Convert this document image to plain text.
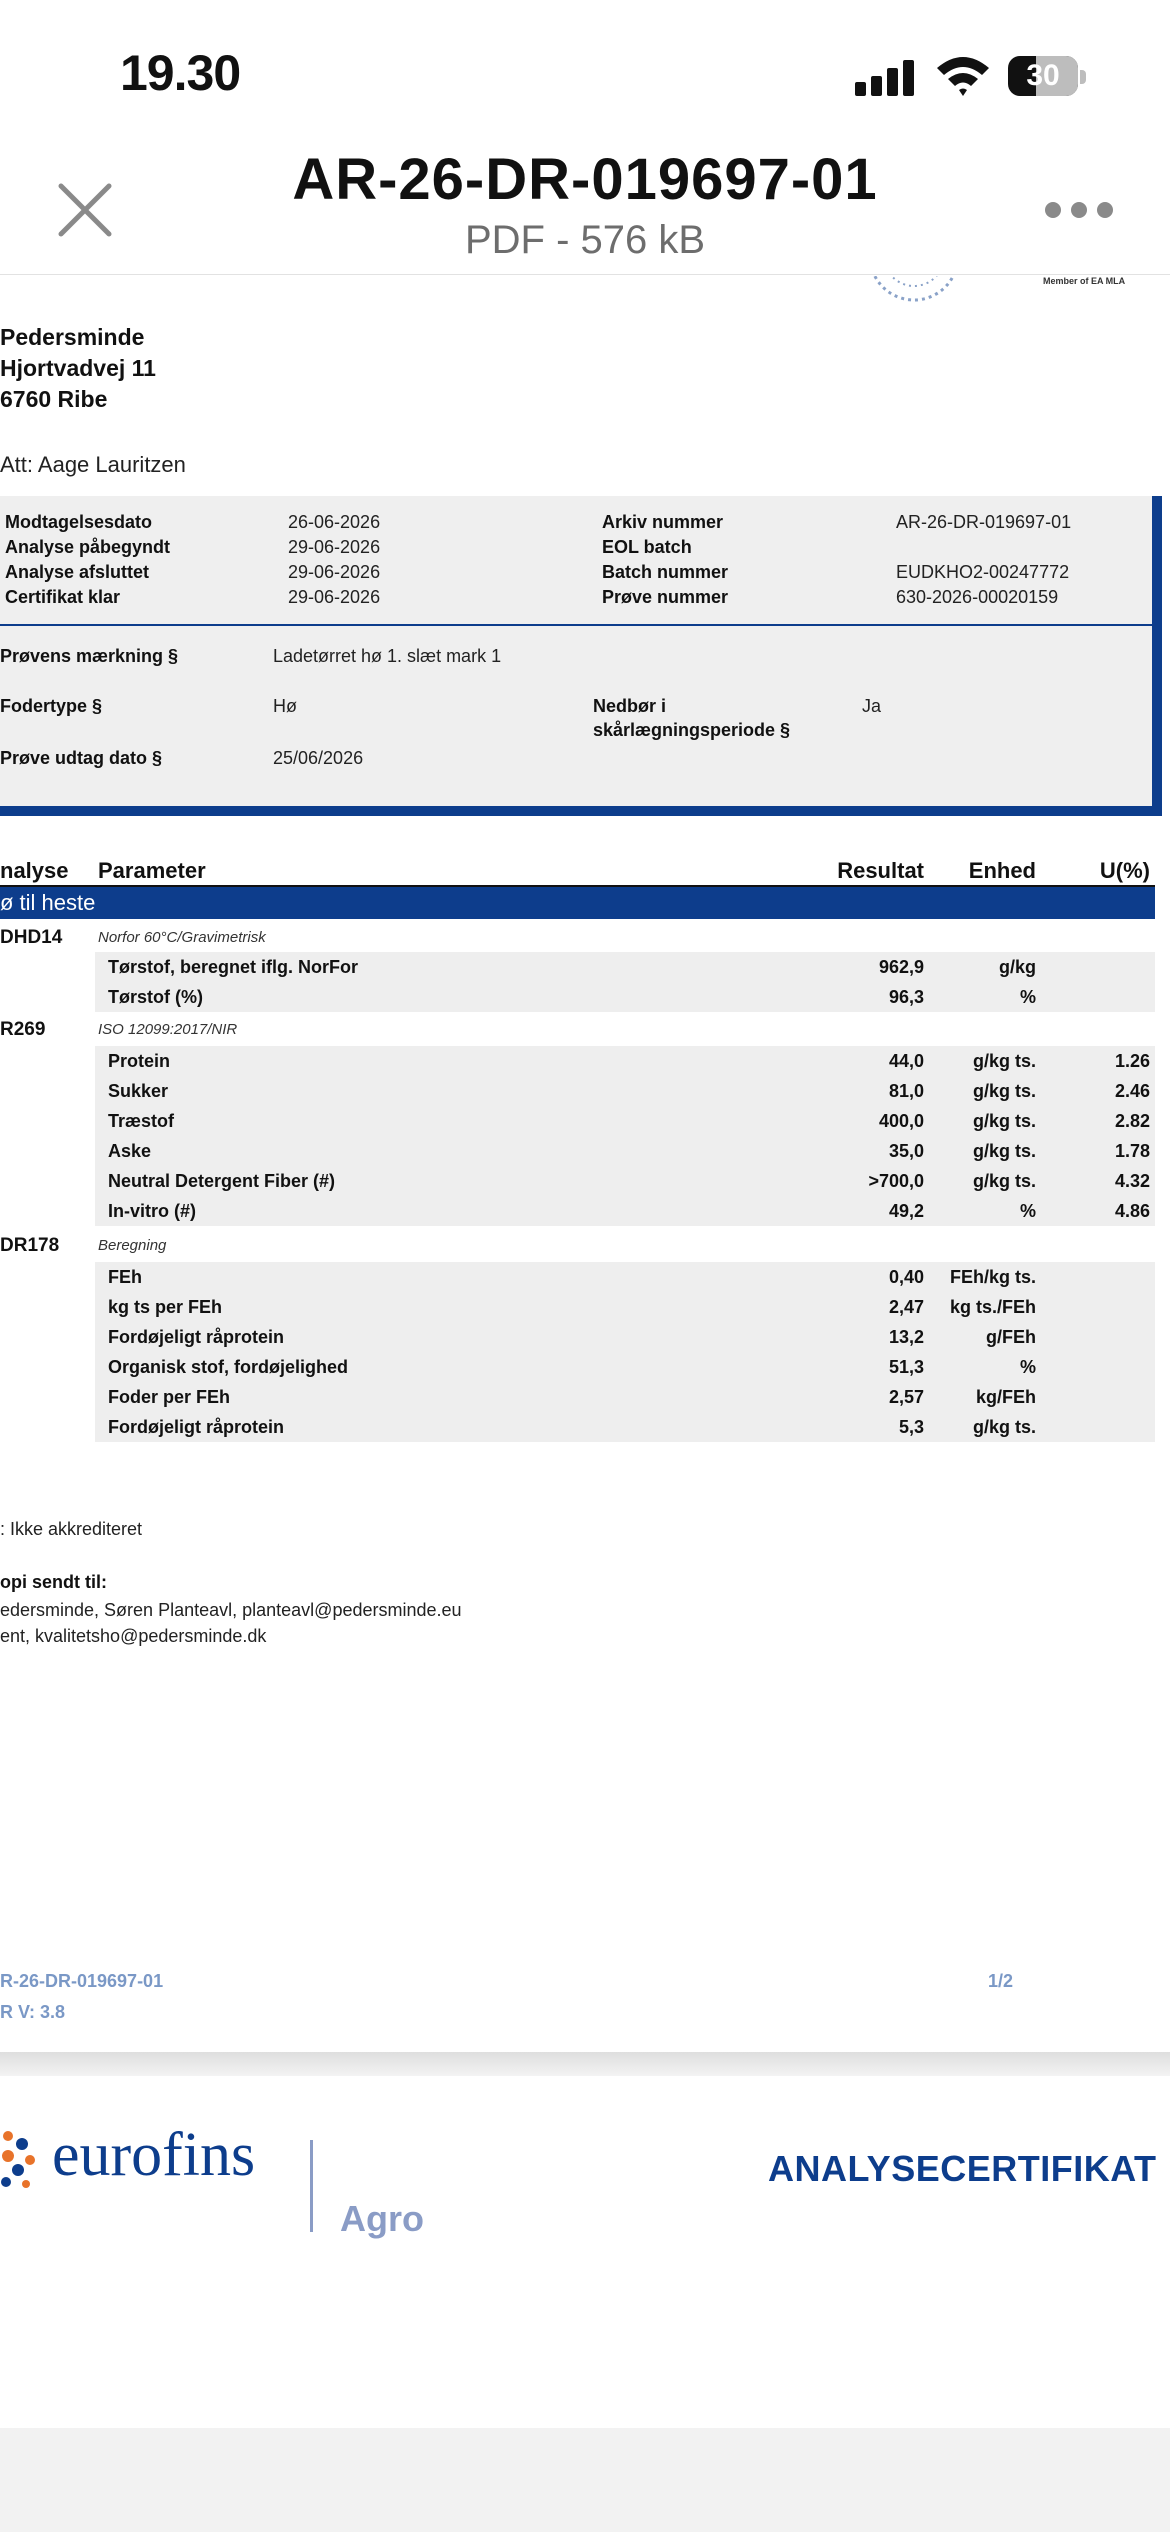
19.30	30
AR-26-DR-019697-01
PDF - 576 kB
Member of EA MLA
Pedersminde
Hjortvadvej 11
6760 Ribe
Att: Aage Lauritzen
Modtagelsesdato	26-06-2026
Analyse påbegyndt	29-06-2026
Analyse afsluttet	29-06-2026
Certifikat klar	29-06-2026
Arkiv nummer	AR-26-DR-019697-01
EOL batch
Batch nummer	EUDKHO2-00247772
Prøve nummer	630-2026-00020159
Prøvens mærkning §	Ladetørret hø 1. slæt mark 1
Fodertype §	Hø	Nedbør i
skårlægningsperiode §
Ja
Prøve udtag dato §	25/06/2026
nalyse Parameter	Resultat	Enhed	U(%)
ø til heste
DHD14 Norfor 60°C/Gravimetrisk
Tørstof, beregnet iflg. NorFor	962,9	g/kg
Tørstof (%)	96,3	%
R269	ISO 12099:2017/NIR
Protein	44,0	g/kg ts.	1.26
Sukker	81,0	g/kg ts.	2.46
Træstof	400,0	g/kg ts.	2.82
Aske	35,0	g/kg ts.	1.78
Neutral Detergent Fiber (#)	>700,0	g/kg ts.	4.32
In-vitro (#)	49,2	%	4.86
DR178	Beregning
FEh	0,40	FEh/kg ts.
kg ts per FEh	2,47	kg ts./FEh
Fordøjeligt råprotein	13,2	g/FEh
Organisk stof, fordøjelighed	51,3	%
Foder per FEh	2,57	kg/FEh
Fordøjeligt råprotein	5,3	g/kg ts.
: Ikke akkrediteret
opi sendt til:
edersminde, Søren Planteavl, planteavl@pedersminde.eu
ent, kvalitetsho@pedersminde.dk
R-26-DR-019697-01	1/2
R V: 3.8
eurofins
Agro
ANALYSECERTIFIKAT
